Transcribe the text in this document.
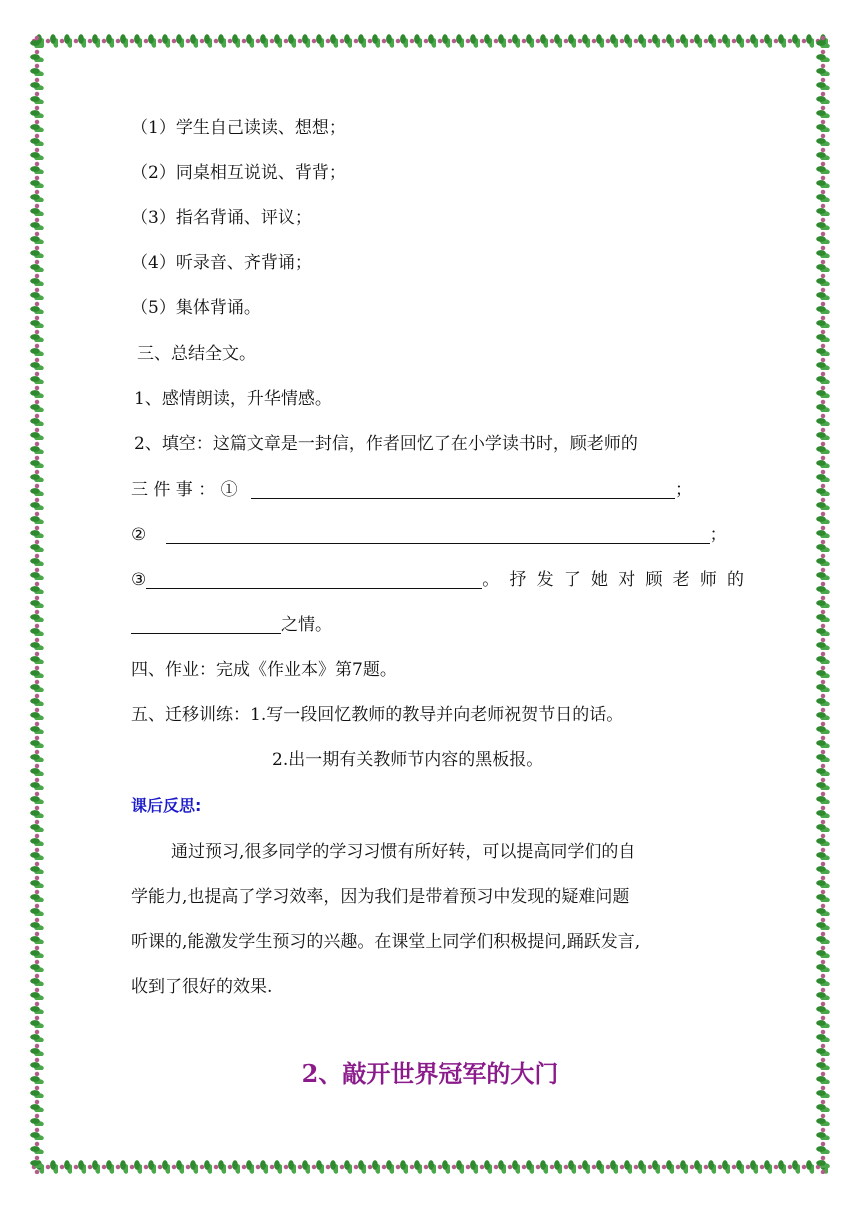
（1）学生自己读读、想想；
（2）同桌相互说说、背背；
（3）指名背诵、评议；
（4）听录音、齐背诵；
（5）集体背诵。
三、总结全文。
1、感情朗读，升华情感。
2、填空：这篇文章是一封信，作者回忆了在小学读书时，顾老师的
三 件 事 ： ①	；
②	；
③	。抒发了她对顾老师的
之情。
四、作业：完成《作业本》第7题。
五、迁移训练：1.写一段回忆教师的教导并向老师祝贺节日的话。
2.出一期有关教师节内容的黑板报。
课后反思:
通过预习,很多同学的学习习惯有所好转，可以提高同学们的自
学能力,也提高了学习效率，因为我们是带着预习中发现的疑难问题
听课的,能激发学生预习的兴趣。在课堂上同学们积极提问,踊跃发言,
收到了很好的效果.
2、敲开世界冠军的大门
